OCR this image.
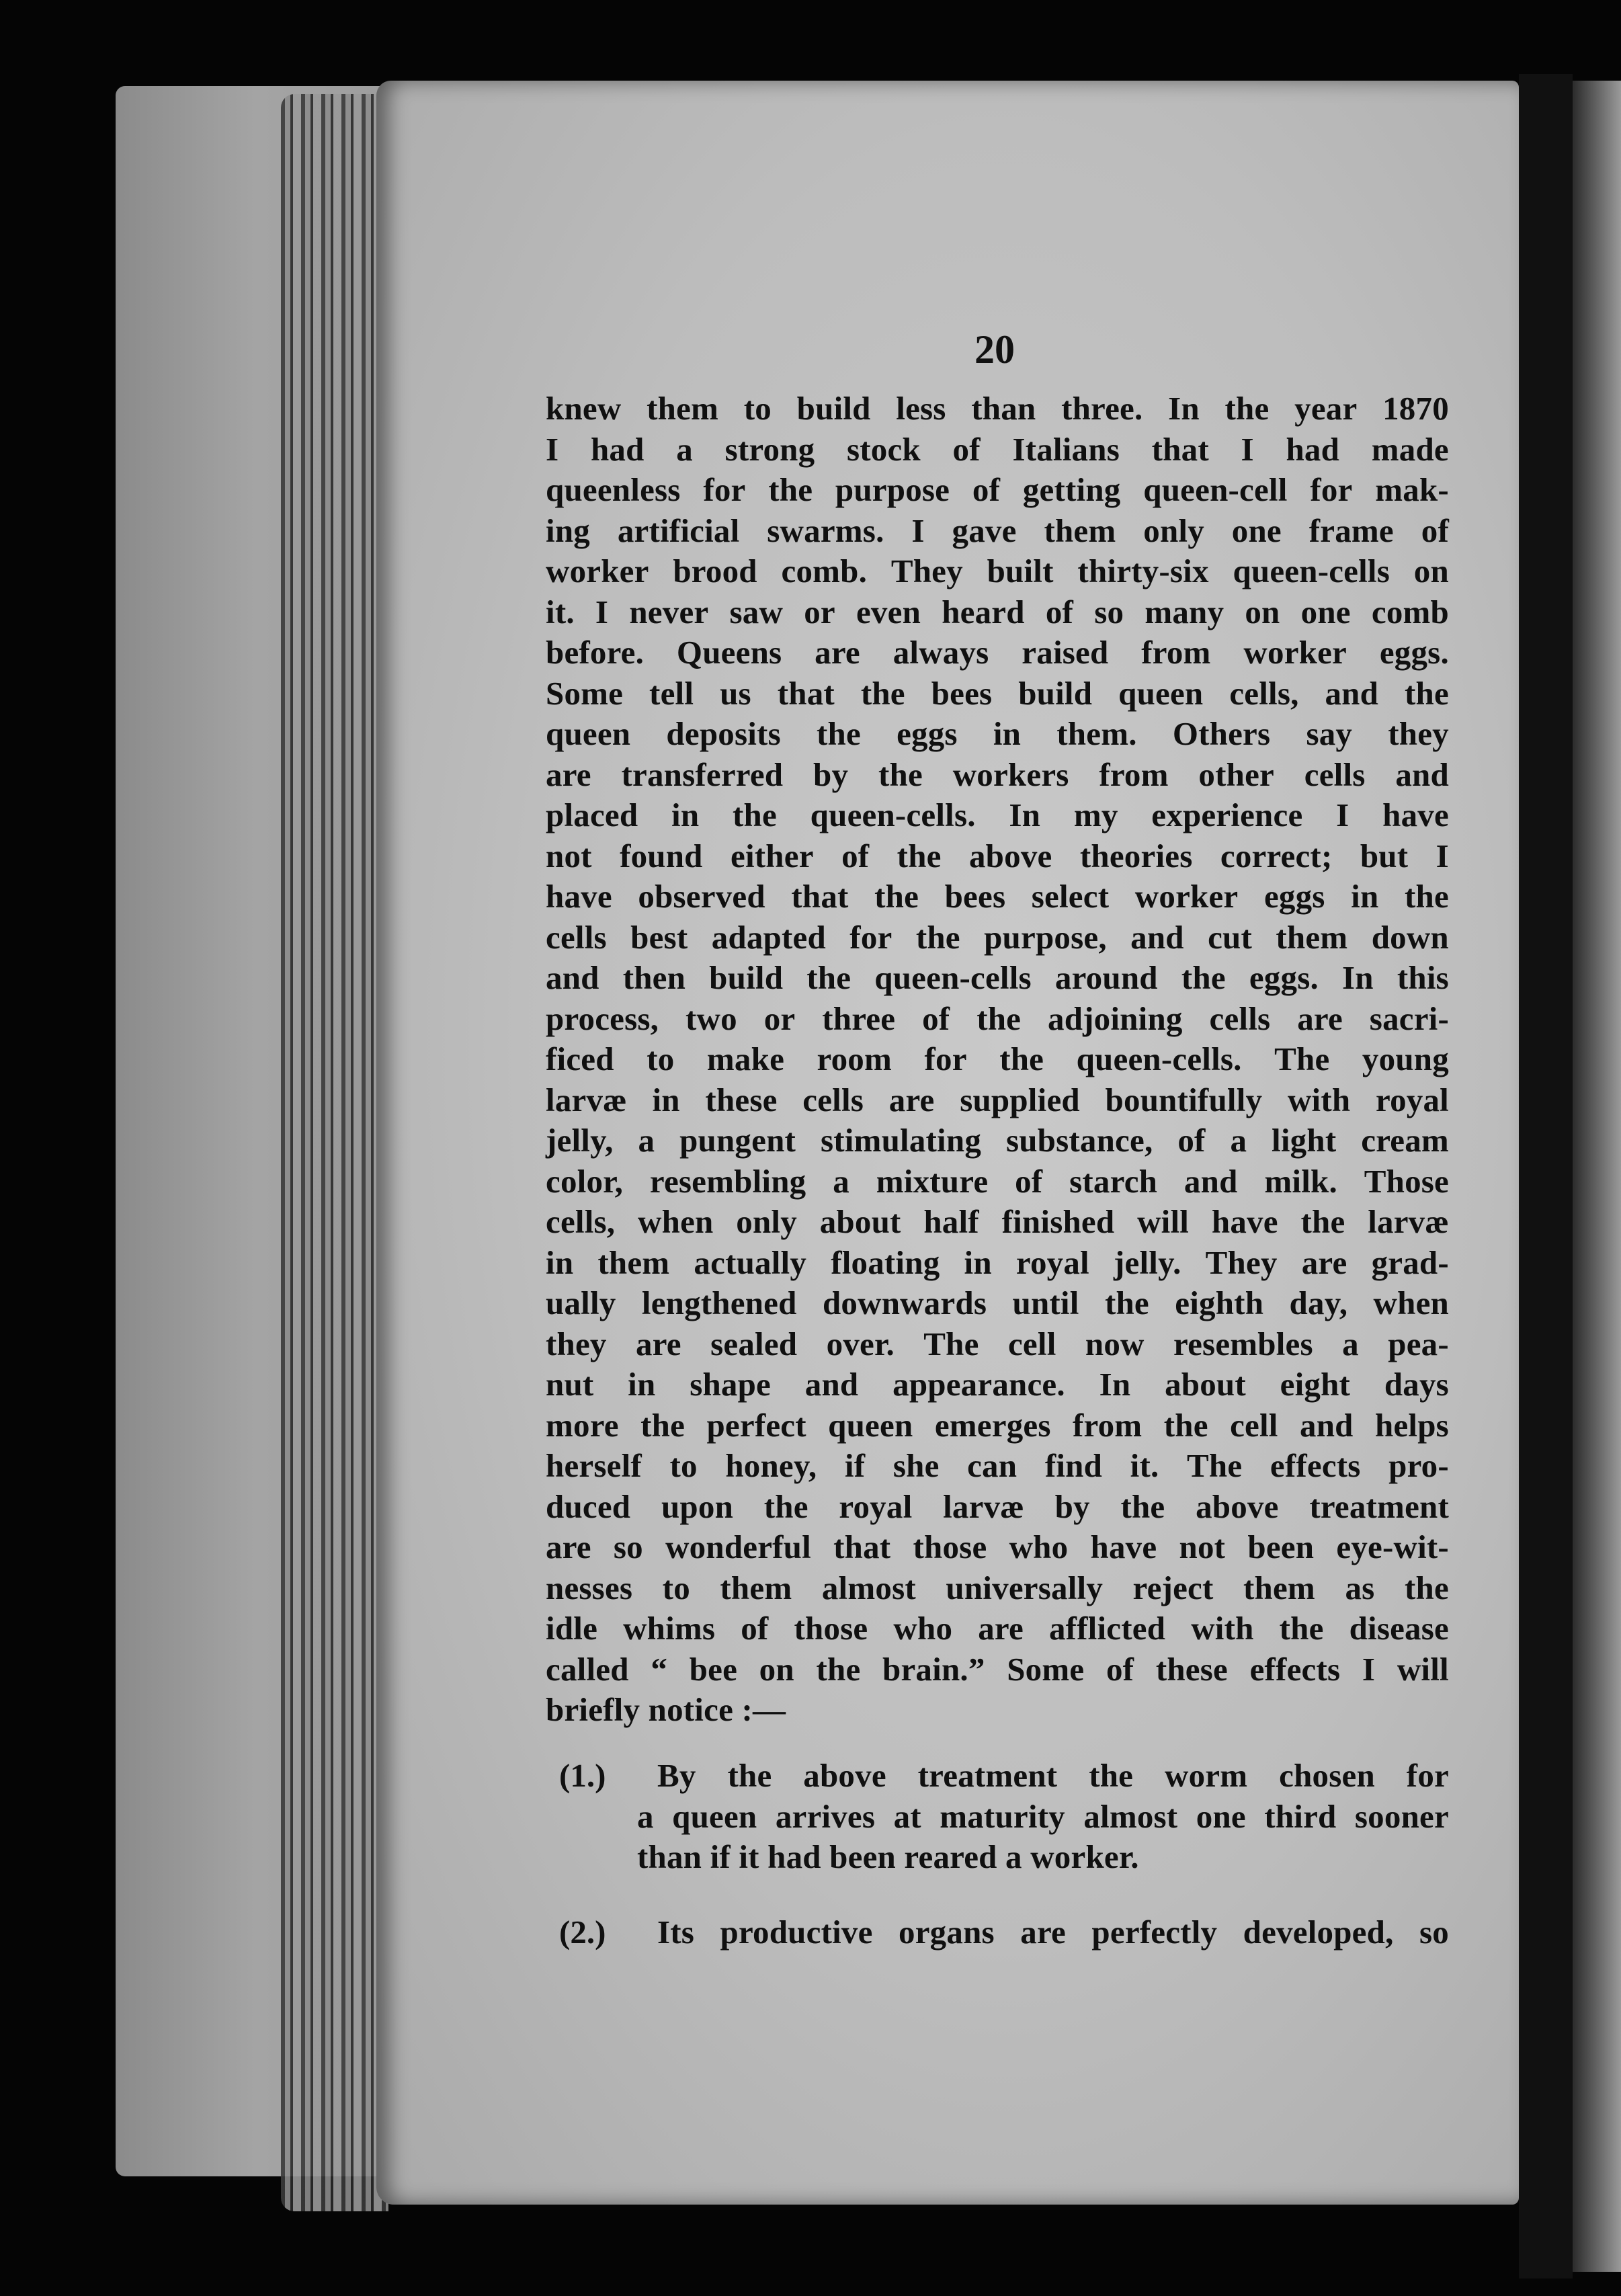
20
knew them to build less than three. In the year 1870
I had a strong stock of Italians that I had made
queenless for the purpose of getting queen-cell for mak-
ing artificial swarms. I gave them only one frame of
worker brood comb. They built thirty-six queen-cells on
it. I never saw or even heard of so many on one comb
before. Queens are always raised from worker eggs.
Some tell us that the bees build queen cells, and the
queen deposits the eggs in them. Others say they
are transferred by the workers from other cells and
placed in the queen-cells. In my experience I have
not found either of the above theories correct; but I
have observed that the bees select worker eggs in the
cells best adapted for the purpose, and cut them down
and then build the queen-cells around the eggs. In this
process, two or three of the adjoining cells are sacri-
ficed to make room for the queen-cells. The young
larvæ in these cells are supplied bountifully with royal
jelly, a pungent stimulating substance, of a light cream
color, resembling a mixture of starch and milk. Those
cells, when only about half finished will have the larvæ
in them actually floating in royal jelly. They are grad-
ually lengthened downwards until the eighth day, when
they are sealed over. The cell now resembles a pea-
nut in shape and appearance. In about eight days
more the perfect queen emerges from the cell and helps
herself to honey, if she can find it. The effects pro-
duced upon the royal larvæ by the above treatment
are so wonderful that those who have not been eye-wit-
nesses to them almost universally reject them as the
idle whims of those who are afflicted with the disease
called “ bee on the brain.” Some of these effects I will
briefly notice :—
(1.) By the above treatment the worm chosen for
a queen arrives at maturity almost one third sooner
than if it had been reared a worker.
(2.) Its productive organs are perfectly developed, so
